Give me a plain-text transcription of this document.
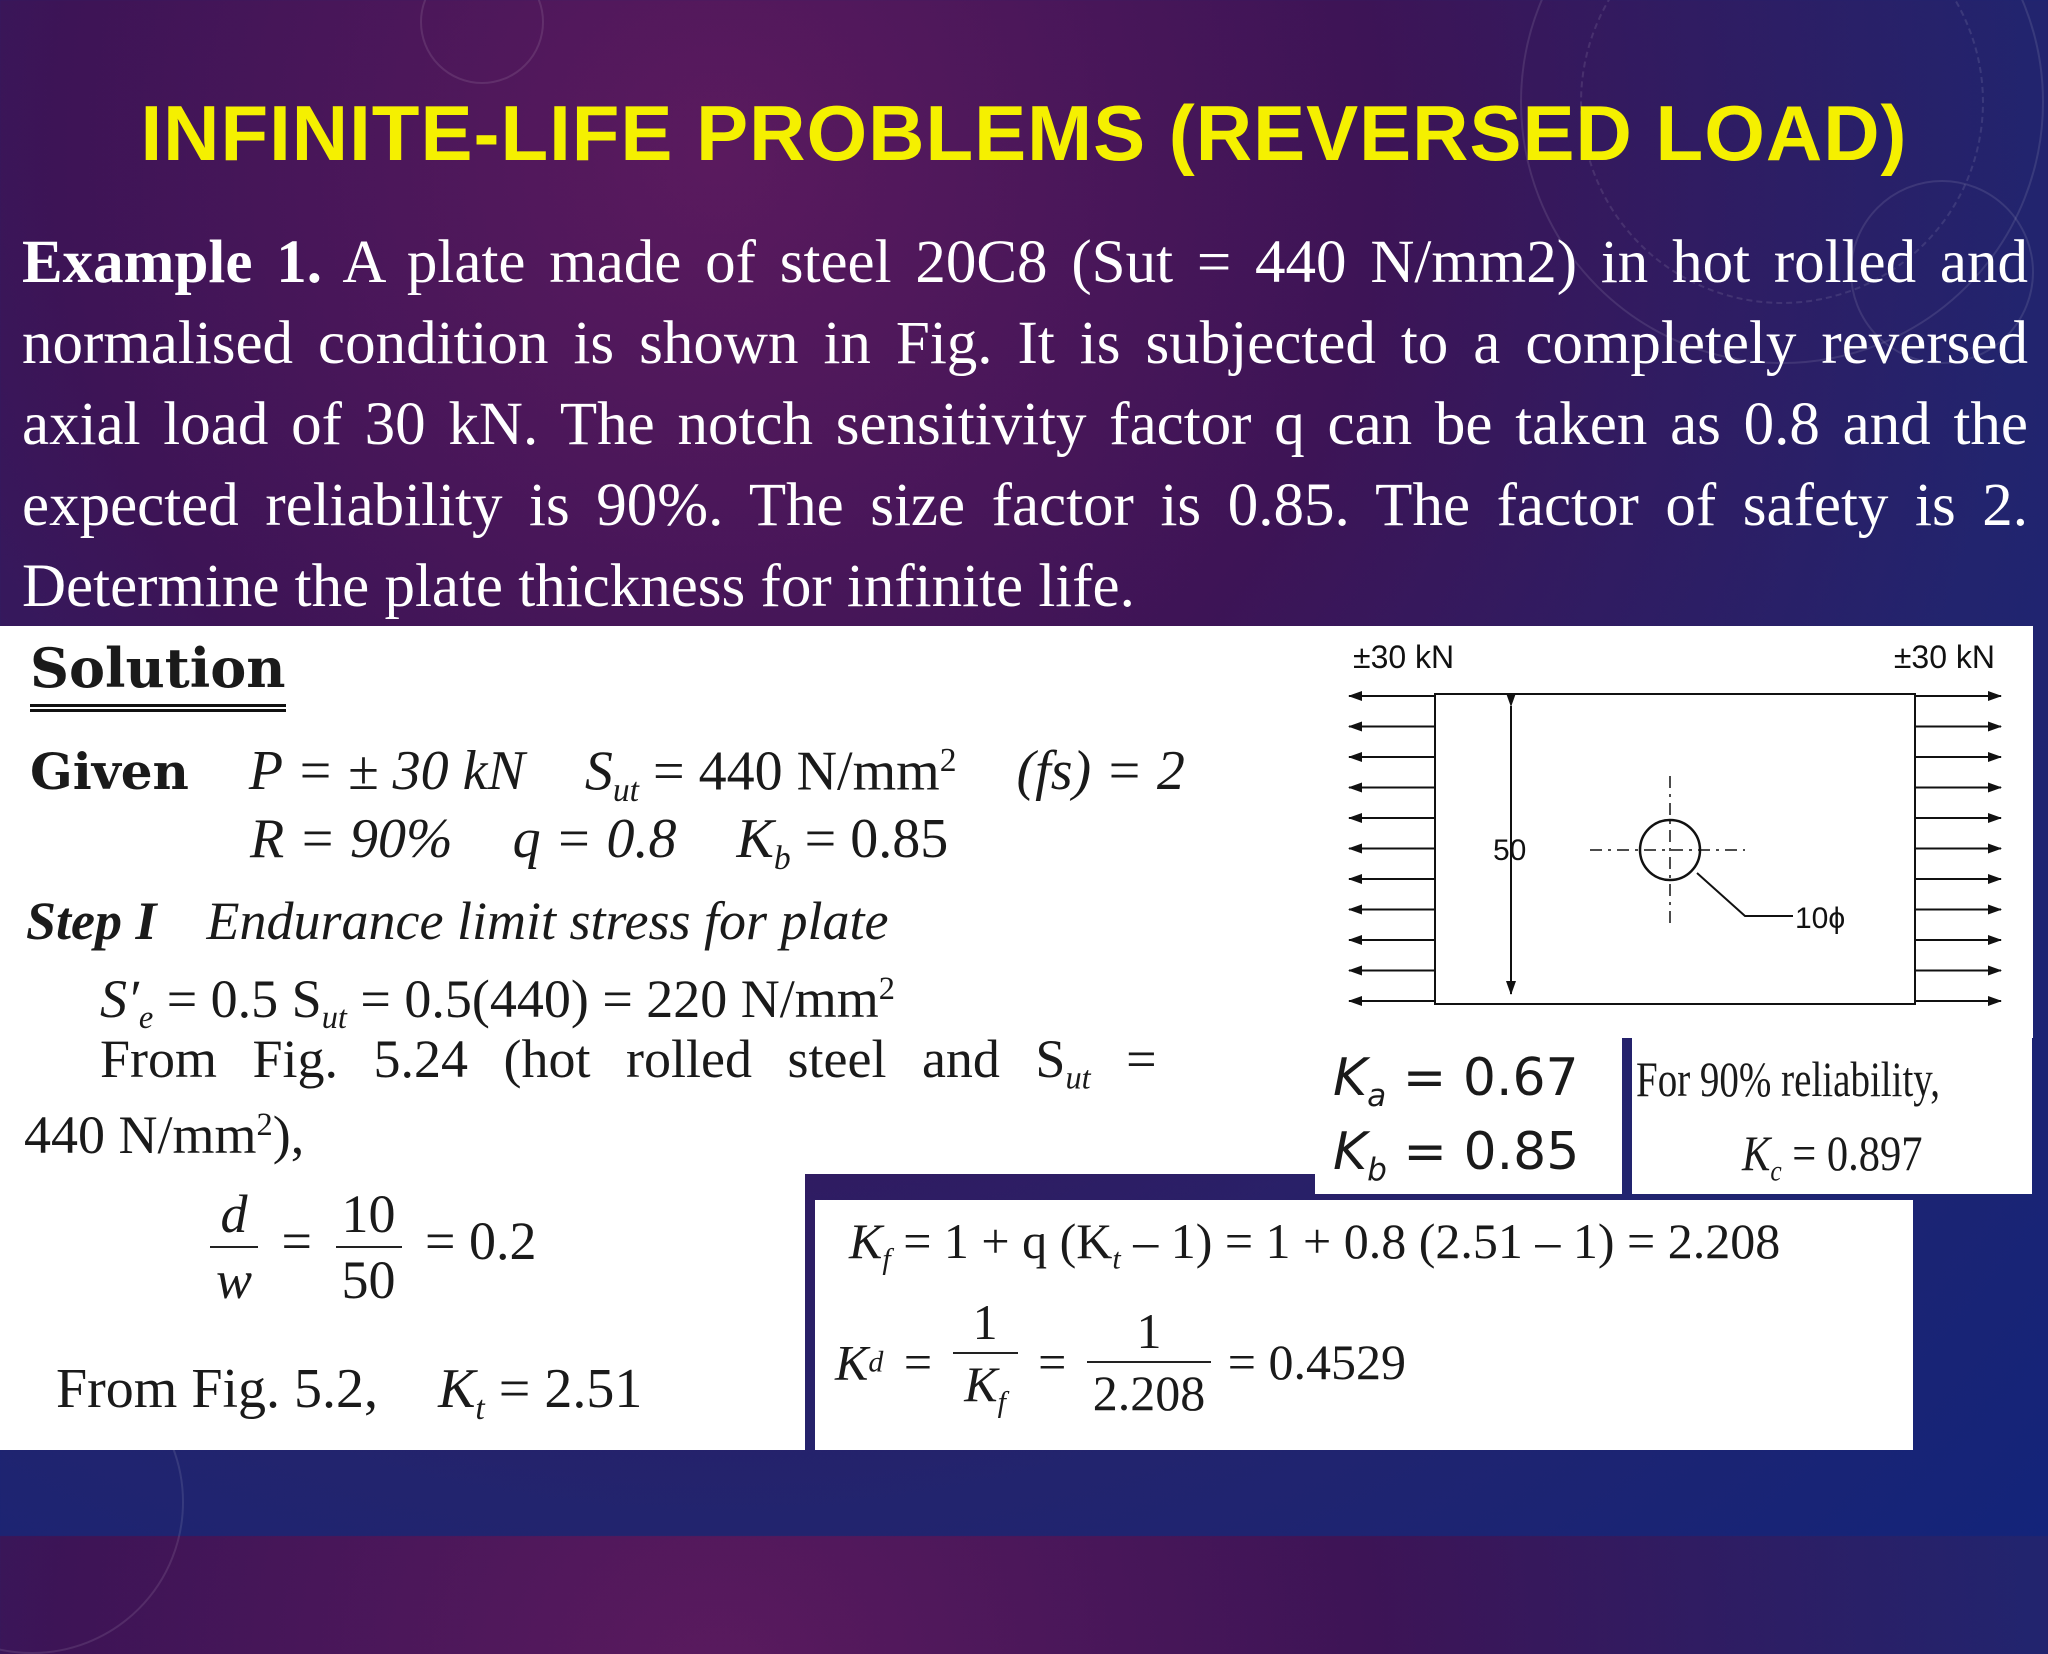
INFINITE-LIFE PROBLEMS (REVERSED LOAD)
Example 1. A plate made of steel 20C8 (Sut = 440 N/mm2) in hot rolled and normalised condition is shown in Fig. It is subjected to a completely reversed axial load of 30 kN. The notch sensitivity factor q can be taken as 0.8 and the expected reliability is 90%. The size factor is 0.85. The factor of safety is 2. Determine the plate thickness for infinite life.
Solution
Given P = ± 30 kN $S_{ut} = 440$ $N/mm^2$ (fs) = 2
R = 90% q = 0.8 $K_b = 0.85$
Step I Endurance limit stress for plate
$S'_e = 0.5$ $S_{ut} = 0.5(440) = 220$ $N/mm^2$
From Fig. 5.24 (hot rolled steel and $S_{ut}$ =
440 $N/mm^2$),
±30 kN	±30 kN
50
10ϕ
$K_a = 0.67$
$K_b = 0.85$
For 90% reliability,
$K_c = 0.897$
$\frac{d}{w} = \frac{10}{50} = 0.2$
From Fig. 5.2, $K_t = 2.51$
$K_f = 1 + q$ $(K_t - 1) = 1 + 0.8$ (2.51 – 1) = 2.208
$Kd = \frac{1}{K_f} = \frac{1}{2.208} = 0.4529$
